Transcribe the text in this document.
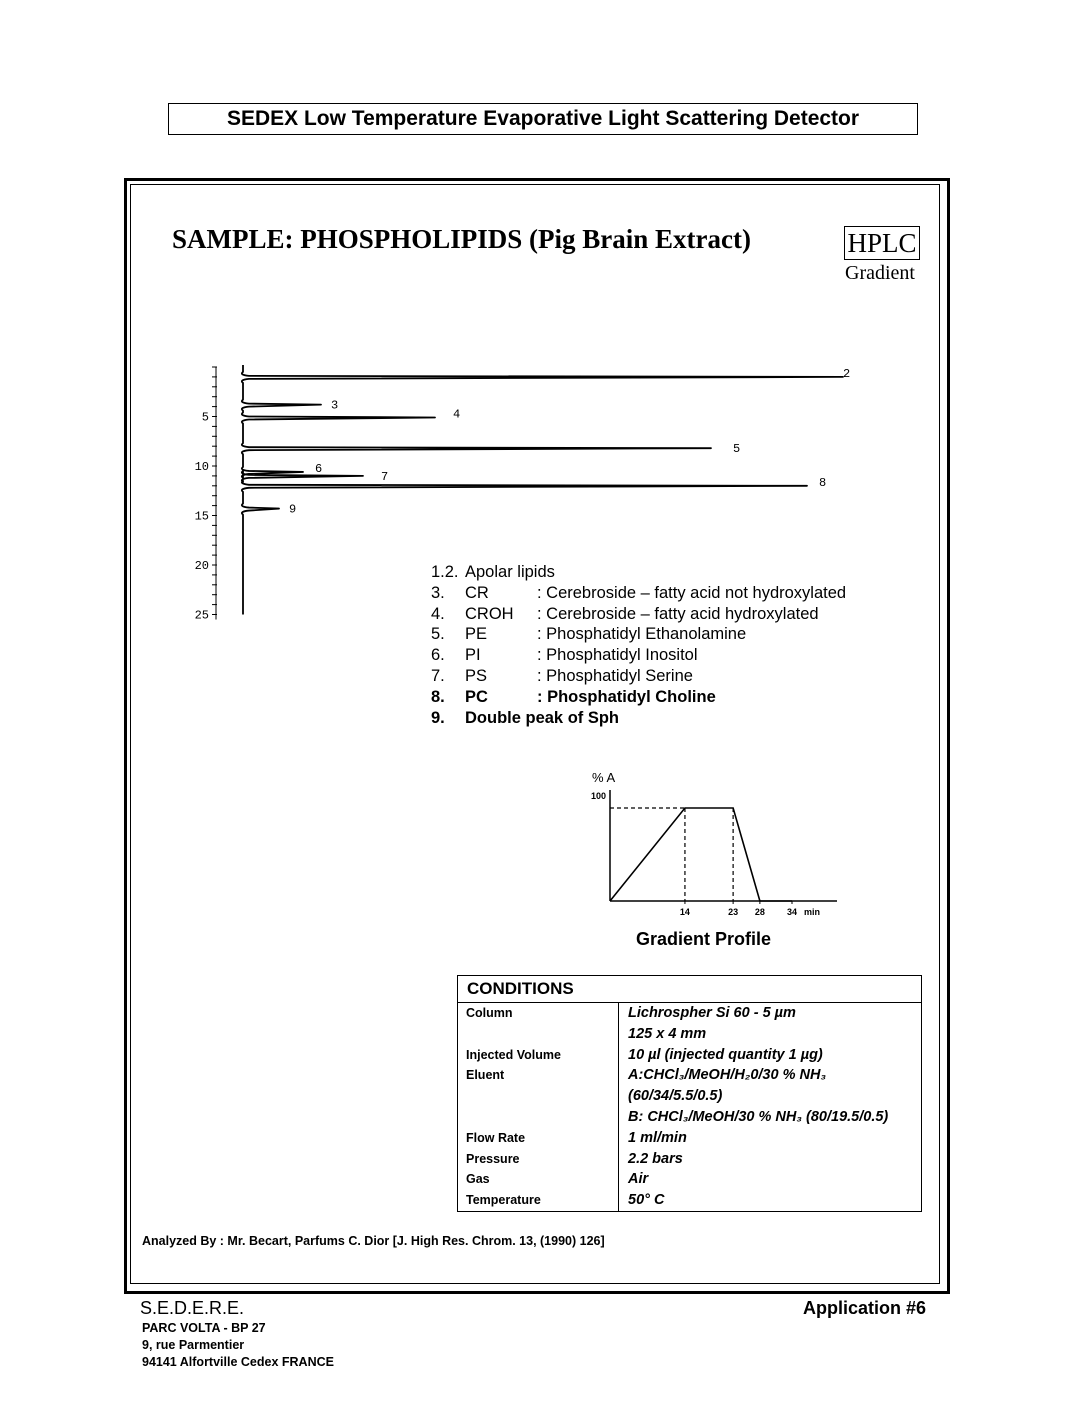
SEDEX Low Temperature Evaporative Light Scattering Detector
SAMPLE: PHOSPHOLIPIDS (Pig Brain Extract)	HPLC
Gradient
5
10
15
20
25
2
3
4
5
6
7	8
9
1.2. Apolar lipids
3. CR	: Cerebroside – fatty acid not hydroxylated
4. CROH : Cerebroside – fatty acid hydroxylated
5. PE	: Phosphatidyl Ethanolamine
6. PI	: Phosphatidyl Inositol
7. PS	: Phosphatidyl Serine
8. PC	: Phosphatidyl Choline
9. Double peak of Sph
14	23 28 34 min
100
% A
Gradient Profile
CONDITIONS
Column	Lichrospher Si 60 - 5 µm
125 x 4 mm

Injected Volume	10 µl (injected quantity 1 µg)

Eluent	A:CHCl₃/MeOH/H₂0/30 % NH₃
(60/34/5.5/0.5)
B: CHCl₃/MeOH/30 % NH₃ (80/19.5/0.5)

Flow Rate	1 ml/min

Pressure	2.2 bars

Gas	Air

Temperature	50° C
Analyzed By : Mr. Becart, Parfums C. Dior [J. High Res. Chrom. 13, (1990) 126]
S.E.D.E.R.E.	Application #6
PARC VOLTA - BP 27
9, rue Parmentier
94141 Alfortville Cedex FRANCE
